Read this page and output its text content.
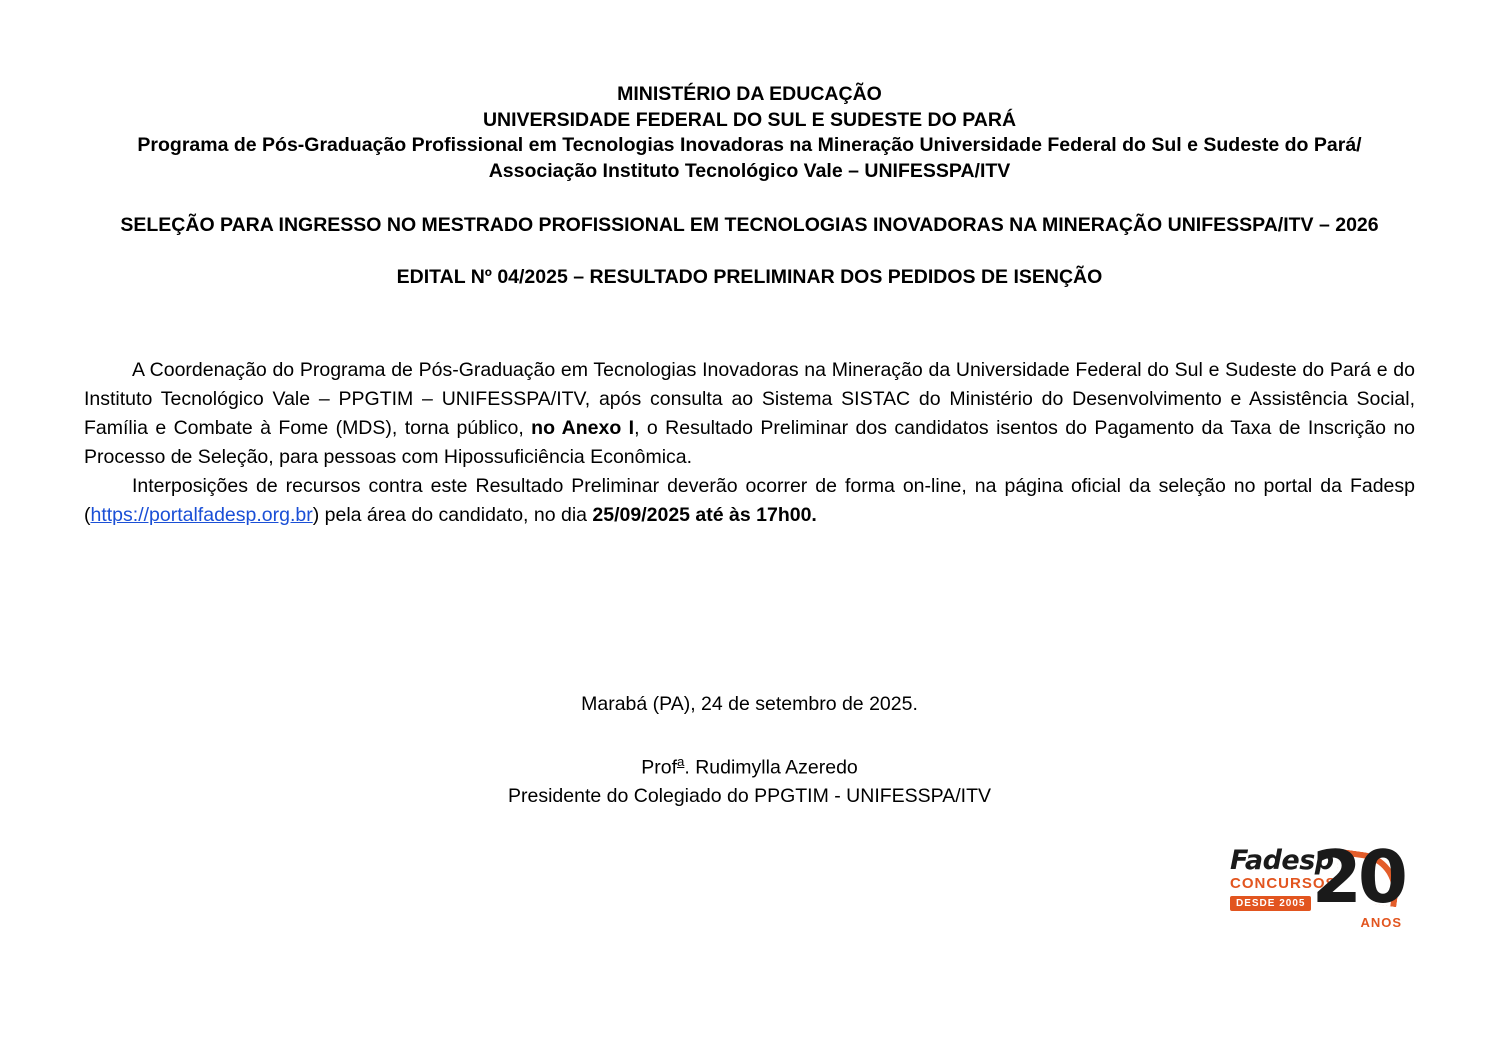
MINISTÉRIO DA EDUCAÇÃO
UNIVERSIDADE FEDERAL DO SUL E SUDESTE DO PARÁ
Programa de Pós-Graduação Profissional em Tecnologias Inovadoras na Mineração Universidade Federal do Sul e Sudeste do Pará/
Associação Instituto Tecnológico Vale – UNIFESSPA/ITV
SELEÇÃO PARA INGRESSO NO MESTRADO PROFISSIONAL EM TECNOLOGIAS INOVADORAS NA MINERAÇÃO UNIFESSPA/ITV – 2026
EDITAL Nº 04/2025 – RESULTADO PRELIMINAR DOS PEDIDOS DE ISENÇÃO

A Coordenação do Programa de Pós-Graduação em Tecnologias Inovadoras na Mineração da Universidade Federal do Sul e Sudeste do Pará e do Instituto Tecnológico Vale – PPGTIM – UNIFESSPA/ITV, após consulta ao Sistema SISTAC do Ministério do Desenvolvimento e Assistência Social, Família e Combate à Fome (MDS), torna público, no Anexo I, o Resultado Preliminar dos candidatos isentos do Pagamento da Taxa de Inscrição no Processo de Seleção, para pessoas com Hipossuficiência Econômica.

Interposições de recursos contra este Resultado Preliminar deverão ocorrer de forma on-line, na página oficial da seleção no portal da Fadesp (https://portalfadesp.org.br) pela área do candidato, no dia 25/09/2025 até às 17h00.

Marabá (PA), 24 de setembro de 2025.
Prof$^a$. Rudimylla Azeredo
Presidente do Colegiado do PPGTIM - UNIFESSPA/ITV
Fadesp
CONCURSOS
DESDE 2005 20
ANOS
